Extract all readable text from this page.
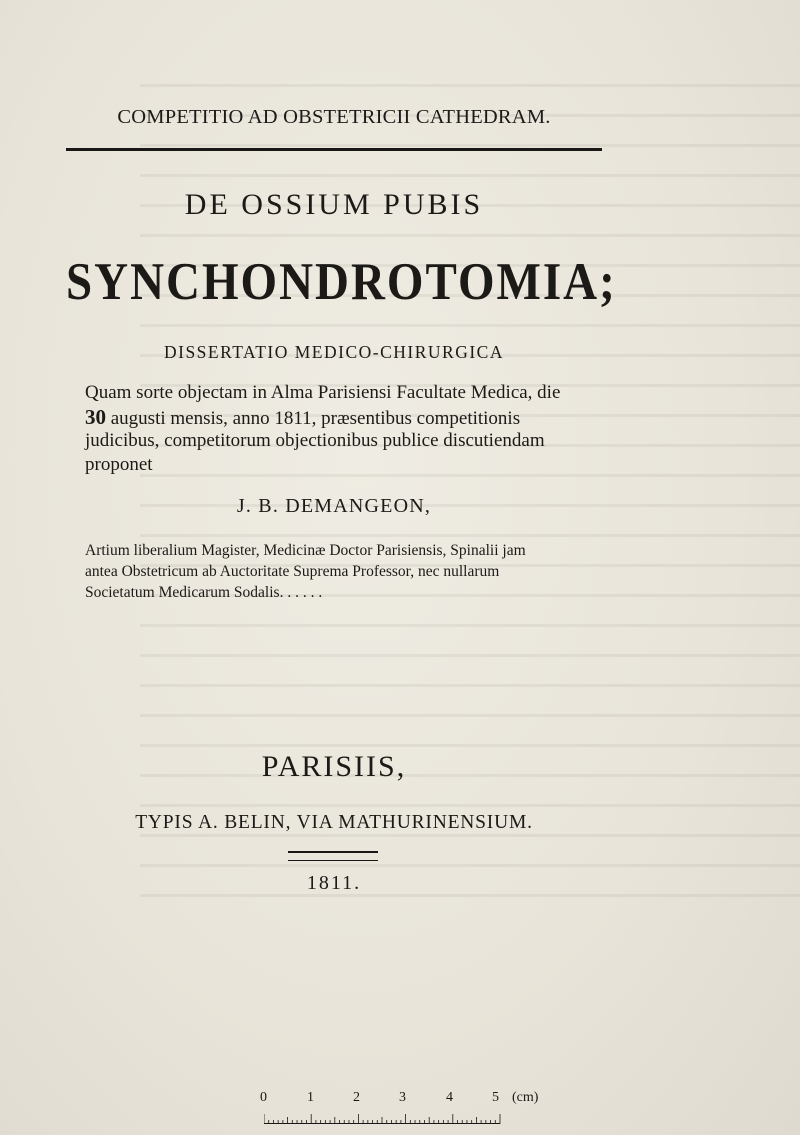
COMPETITIO AD OBSTETRICII CATHEDRAM.
DE OSSIUM PUBIS
SYNCHONDROTOMIA;
DISSERTATIO MEDICO-CHIRURGICA
Quam sorte objectam in Alma Parisiensi Facultate Medica, die
30 augusti mensis, anno 1811, præsentibus competitionis
judicibus, competitorum objectionibus publice discutiendam
proponet
J. B. DEMANGEON,
Artium liberalium Magister, Medicinæ Doctor Parisiensis, Spinalii jam
antea Obstetricum ab Auctoritate Suprema Professor, nec nullarum
Societatum Medicarum Sodalis. . . . . .
PARISIIS,
TYPIS A. BELIN, VIA MATHURINENSIUM.
1811.
0	1	2	3	4	5 (cm)
